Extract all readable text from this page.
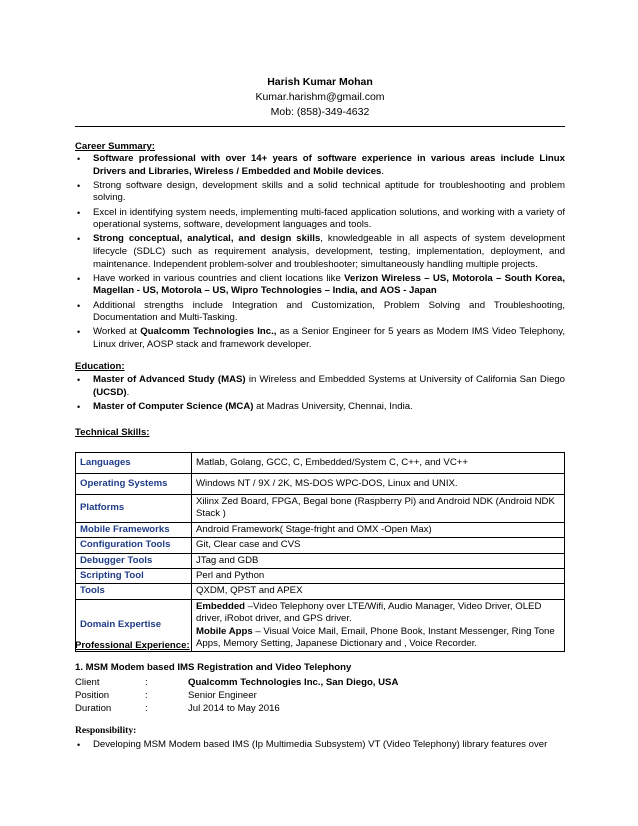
Harish Kumar Mohan
Kumar.harishm@gmail.com
Mob: (858)-349-4632
Career Summary:
• Software professional with over 14+ years of software experience in various areas include Linux Drivers and Libraries, Wireless / Embedded and Mobile devices.
• Strong software design, development skills and a solid technical aptitude for troubleshooting and problem solving.
• Excel in identifying system needs, implementing multi-faced application solutions, and working with a variety of operational systems, software, development languages and tools.
• Strong conceptual, analytical, and design skills, knowledgeable in all aspects of system development lifecycle (SDLC) such as requirement analysis, development, testing, implementation, deployment, and maintenance. Independent problem-solver and troubleshooter; simultaneously handling multiple projects.
• Have worked in various countries and client locations like Verizon Wireless – US, Motorola – South Korea, Magellan - US, Motorola – US, Wipro Technologies – India, and AOS - Japan
• Additional strengths include Integration and Customization, Problem Solving and Troubleshooting, Documentation and Multi-Tasking.
• Worked at Qualcomm Technologies Inc., as a Senior Engineer for 5 years as Modem IMS Video Telephony, Linux driver, AOSP stack and framework developer.
Education:
• Master of Advanced Study (MAS) in Wireless and Embedded Systems at University of California San Diego (UCSD).
• Master of Computer Science (MCA) at Madras University, Chennai, India.
Technical Skills:
Languages	Matlab, Golang, GCC, C, Embedded/System C, C++, and VC++
Operating Systems	Windows NT / 9X / 2K, MS-DOS WPC-DOS, Linux and UNIX.
Platforms	Xilinx Zed Board, FPGA, Begal bone (Raspberry Pi) and Android NDK (Android NDK Stack )
Mobile Frameworks	Android Framework( Stage-fright and OMX -Open Max)
Configuration Tools	Git, Clear case and CVS
Debugger Tools	JTag and GDB
Scripting Tool	Perl and Python
Tools	QXDM, QPST and APEX
Domain Expertise	Embedded –Video Telephony over LTE/Wifi, Audio Manager, Video Driver, OLED driver, iRobot driver, and GPS driver.
Mobile Apps – Visual Voice Mail, Email, Phone Book, Instant Messenger, Ring Tone Apps, Memory Setting, Japanese Dictionary and , Voice Recorder.
Professional Experience:
1. MSM Modem based IMS Registration and Video Telephony
Client	:	Qualcomm Technologies Inc., San Diego, USA
Position	:	Senior Engineer
Duration	:	Jul 2014 to May 2016
Responsibility:
• Developing MSM Modem based IMS (Ip Multimedia Subsystem) VT (Video Telephony) library features over
